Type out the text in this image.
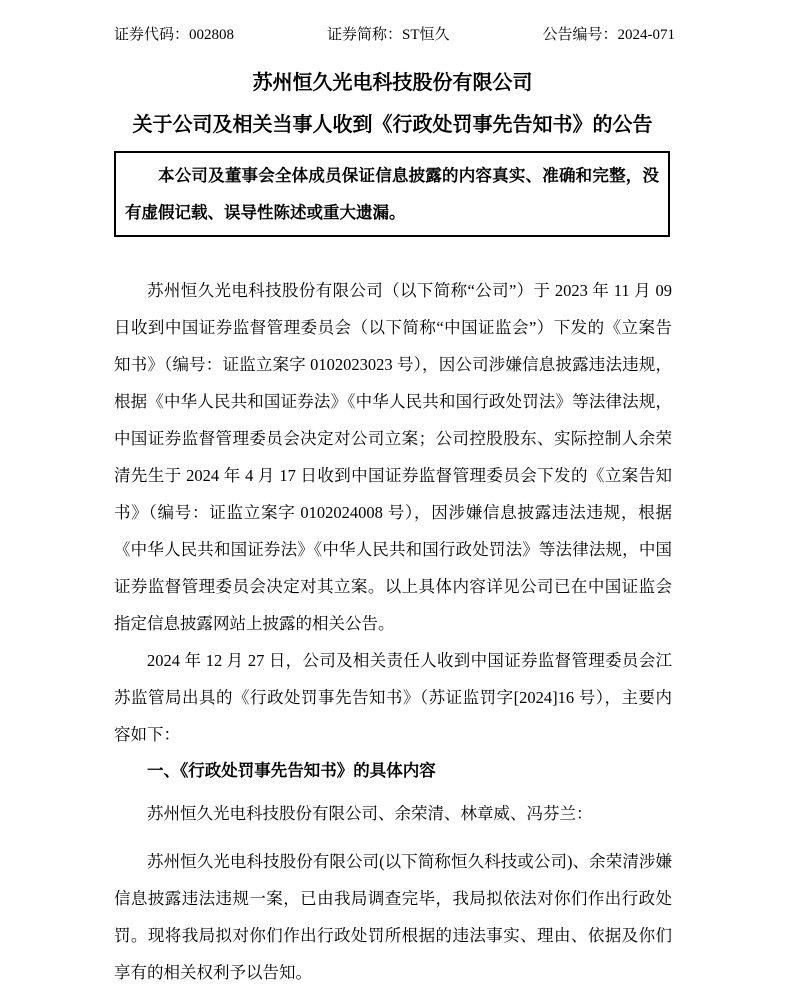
证券代码：002808	证券简称：ST恒久	公告编号：2024-071
苏州恒久光电科技股份有限公司
关于公司及相关当事人收到《行政处罚事先告知书》的公告

本公司及董事会全体成员保证信息披露的内容真实、准确和完整，没有虚假记载、误导性陈述或重大遗漏。

苏州恒久光电科技股份有限公司（以下简称“公司”）于 2023 年 11 月 09 日收到中国证券监督管理委员会（以下简称“中国证监会”）下发的《立案告知书》（编号：证监立案字 0102023023 号），因公司涉嫌信息披露违法违规，根据《中华人民共和国证券法》《中华人民共和国行政处罚法》等法律法规，中国证券监督管理委员会决定对公司立案；公司控股股东、实际控制人余荣清先生于 2024 年 4 月 17 日收到中国证券监督管理委员会下发的《立案告知书》（编号：证监立案字 0102024008 号），因涉嫌信息披露违法违规，根据《中华人民共和国证券法》《中华人民共和国行政处罚法》等法律法规，中国证券监督管理委员会决定对其立案。以上具体内容详见公司已在中国证监会指定信息披露网站上披露的相关公告。

2024 年 12 月 27 日，公司及相关责任人收到中国证券监督管理委员会江苏监管局出具的《行政处罚事先告知书》（苏证监罚字[2024]16 号），主要内容如下：

一、《行政处罚事先告知书》的具体内容

苏州恒久光电科技股份有限公司、余荣清、林章威、冯芬兰：

苏州恒久光电科技股份有限公司(以下简称恒久科技或公司)、余荣清涉嫌信息披露违法违规一案，已由我局调查完毕，我局拟依法对你们作出行政处罚。现将我局拟对你们作出行政处罚所根据的违法事实、理由、依据及你们享有的相关权利予以告知。
